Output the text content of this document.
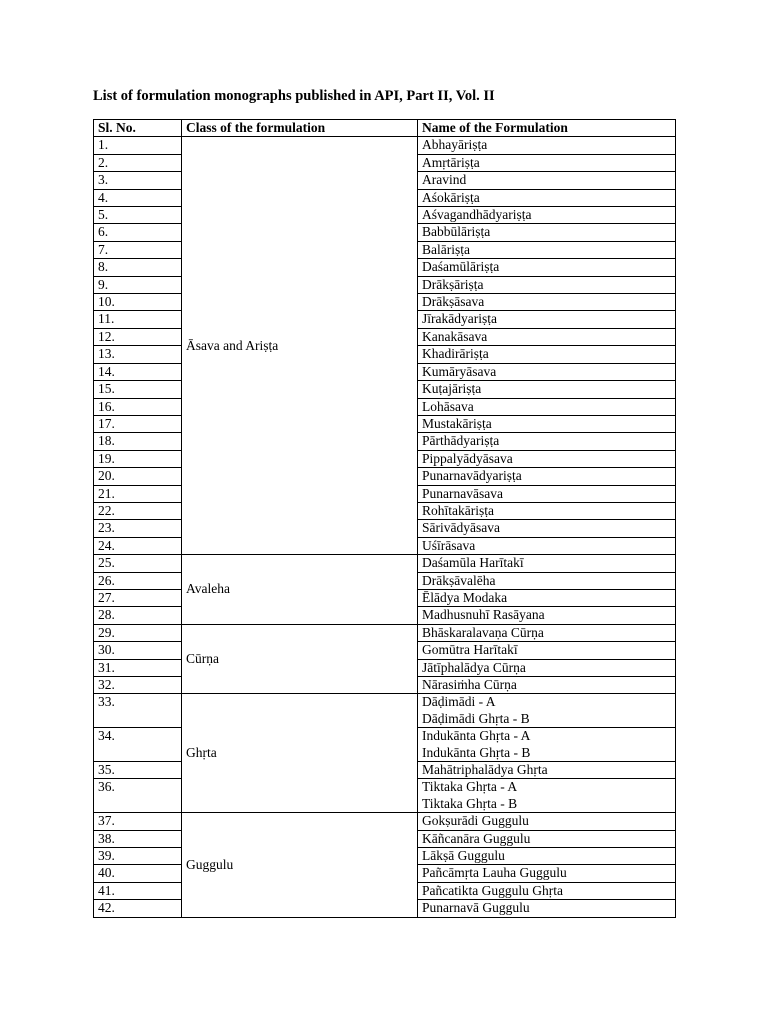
List of formulation monographs published in API, Part II, Vol. II
Sl. No.	Class of the formulation	Name of the Formulation
1.	Āsava and Ariṣṭa	Abhayāriṣṭa

2.		Amṛtāriṣṭa

3.		Aravind

4.		Aśokāriṣṭa

5.		Aśvagandhādyariṣṭa

6.		Babbūlāriṣṭa

7.		Balāriṣṭa

8.		Daśamūlāriṣṭa

9.		Drākṣāriṣṭa

10.		Drākṣāsava

11.		Jīrakādyariṣṭa

12.		Kanakāsava

13.		Khadirāriṣṭa

14.		Kumāryāsava

15.		Kuṭajāriṣṭa

16.		Lohāsava

17.		Mustakāriṣṭa

18.		Pārthādyariṣṭa

19.		Pippalyādyāsava

20.		Punarnavādyariṣṭa

21.		Punarnavāsava

22.		Rohītakāriṣṭa

23.		Sārivādyāsava

24.		Uśīrāsava

25.	Avaleha	Daśamūla Harītakī

26.		Drākṣāvalēha

27.		Ēlādya Modaka

28.		Madhusnuhī Rasāyana

29.	Cūrṇa	Bhāskaralavaṇa Cūrṇa

30.		Gomūtra Harītakī

31.		Jātīphalādya Cūrṇa

32.		Nārasiṁha Cūrṇa

33.	Ghṛta	Dāḍimādi - A
Dāḍimādi Ghṛta - B

34.		Indukānta Ghṛta - A
Indukānta Ghṛta - B

35.		Mahātriphalādya Ghṛta

36.		Tiktaka Ghṛta - A
Tiktaka Ghṛta - B

37.	Guggulu	Gokṣurādi Guggulu

38.		Kāñcanāra Guggulu

39.		Lākṣā Guggulu

40.		Pañcāmṛta Lauha Guggulu

41.		Pañcatikta Guggulu Ghṛta

42.		Punarnavā Guggulu
